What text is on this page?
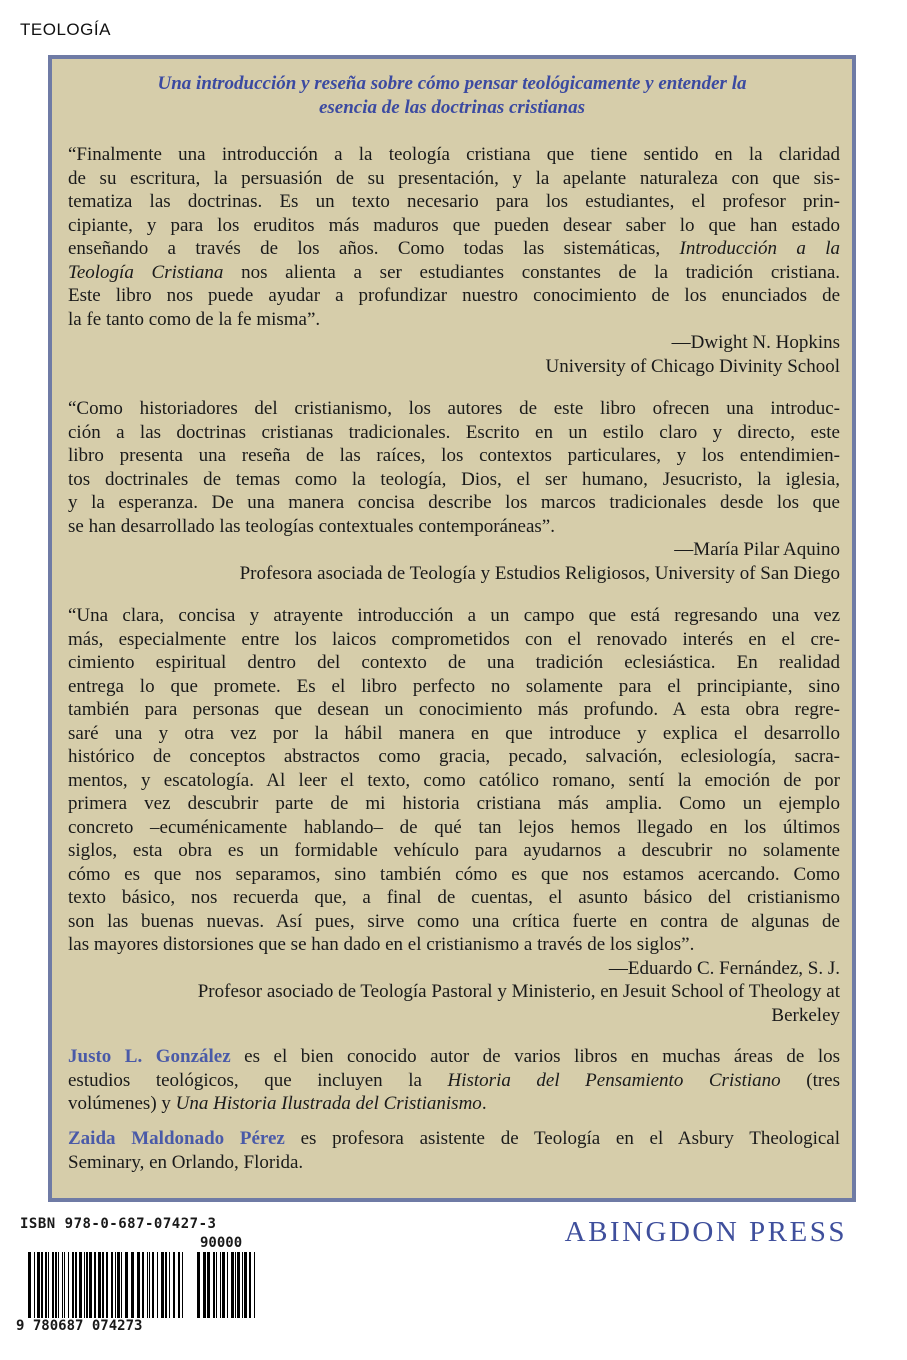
TEOLOGÍA
Una introducción y reseña sobre cómo pensar teológicamente y entender la
esencia de las doctrinas cristianas
“Finalmente una introducción a la teología cristiana que tiene sentido en la claridad
de su escritura, la persuasión de su presentación, y la apelante naturaleza con que sis-
tematiza las doctrinas. Es un texto necesario para los estudiantes, el profesor prin-
cipiante, y para los eruditos más maduros que pueden desear saber lo que han estado
enseñando a través de los años. Como todas las sistemáticas, Introducción a la
Teología Cristiana nos alienta a ser estudiantes constantes de la tradición cristiana.
Este libro nos puede ayudar a profundizar nuestro conocimiento de los enunciados de
la fe tanto como de la fe misma”.
—Dwight N. Hopkins
University of Chicago Divinity School
“Como historiadores del cristianismo, los autores de este libro ofrecen una introduc-
ción a las doctrinas cristianas tradicionales. Escrito en un estilo claro y directo, este
libro presenta una reseña de las raíces, los contextos particulares, y los entendimien-
tos doctrinales de temas como la teología, Dios, el ser humano, Jesucristo, la iglesia,
y la esperanza. De una manera concisa describe los marcos tradicionales desde los que
se han desarrollado las teologías contextuales contemporáneas”.
—María Pilar Aquino
Profesora asociada de Teología y Estudios Religiosos, University of San Diego
“Una clara, concisa y atrayente introducción a un campo que está regresando una vez
más, especialmente entre los laicos comprometidos con el renovado interés en el cre-
cimiento espiritual dentro del contexto de una tradición eclesiástica. En realidad
entrega lo que promete. Es el libro perfecto no solamente para el principiante, sino
también para personas que desean un conocimiento más profundo. A esta obra regre-
saré una y otra vez por la hábil manera en que introduce y explica el desarrollo
histórico de conceptos abstractos como gracia, pecado, salvación, eclesiología, sacra-
mentos, y escatología. Al leer el texto, como católico romano, sentí la emoción de por
primera vez descubrir parte de mi historia cristiana más amplia. Como un ejemplo
concreto –ecuménicamente hablando– de qué tan lejos hemos llegado en los últimos
siglos, esta obra es un formidable vehículo para ayudarnos a descubrir no solamente
cómo es que nos separamos, sino también cómo es que nos estamos acercando. Como
texto básico, nos recuerda que, a final de cuentas, el asunto básico del cristianismo
son las buenas nuevas. Así pues, sirve como una crítica fuerte en contra de algunas de
las mayores distorsiones que se han dado en el cristianismo a través de los siglos”.
—Eduardo C. Fernández, S. J.
Profesor asociado de Teología Pastoral y Ministerio, en Jesuit School of Theology at
Berkeley
Justo L. González es el bien conocido autor de varios libros en muchas áreas de los
estudios teológicos, que incluyen la Historia del Pensamiento Cristiano (tres
volúmenes) y Una Historia Ilustrada del Cristianismo.
Zaida Maldonado Pérez es profesora asistente de Teología en el Asbury Theological
Seminary, en Orlando, Florida.
ISBN 978-0-687-07427-3
90000
9 780687 074273
ABINGDON PRESS
